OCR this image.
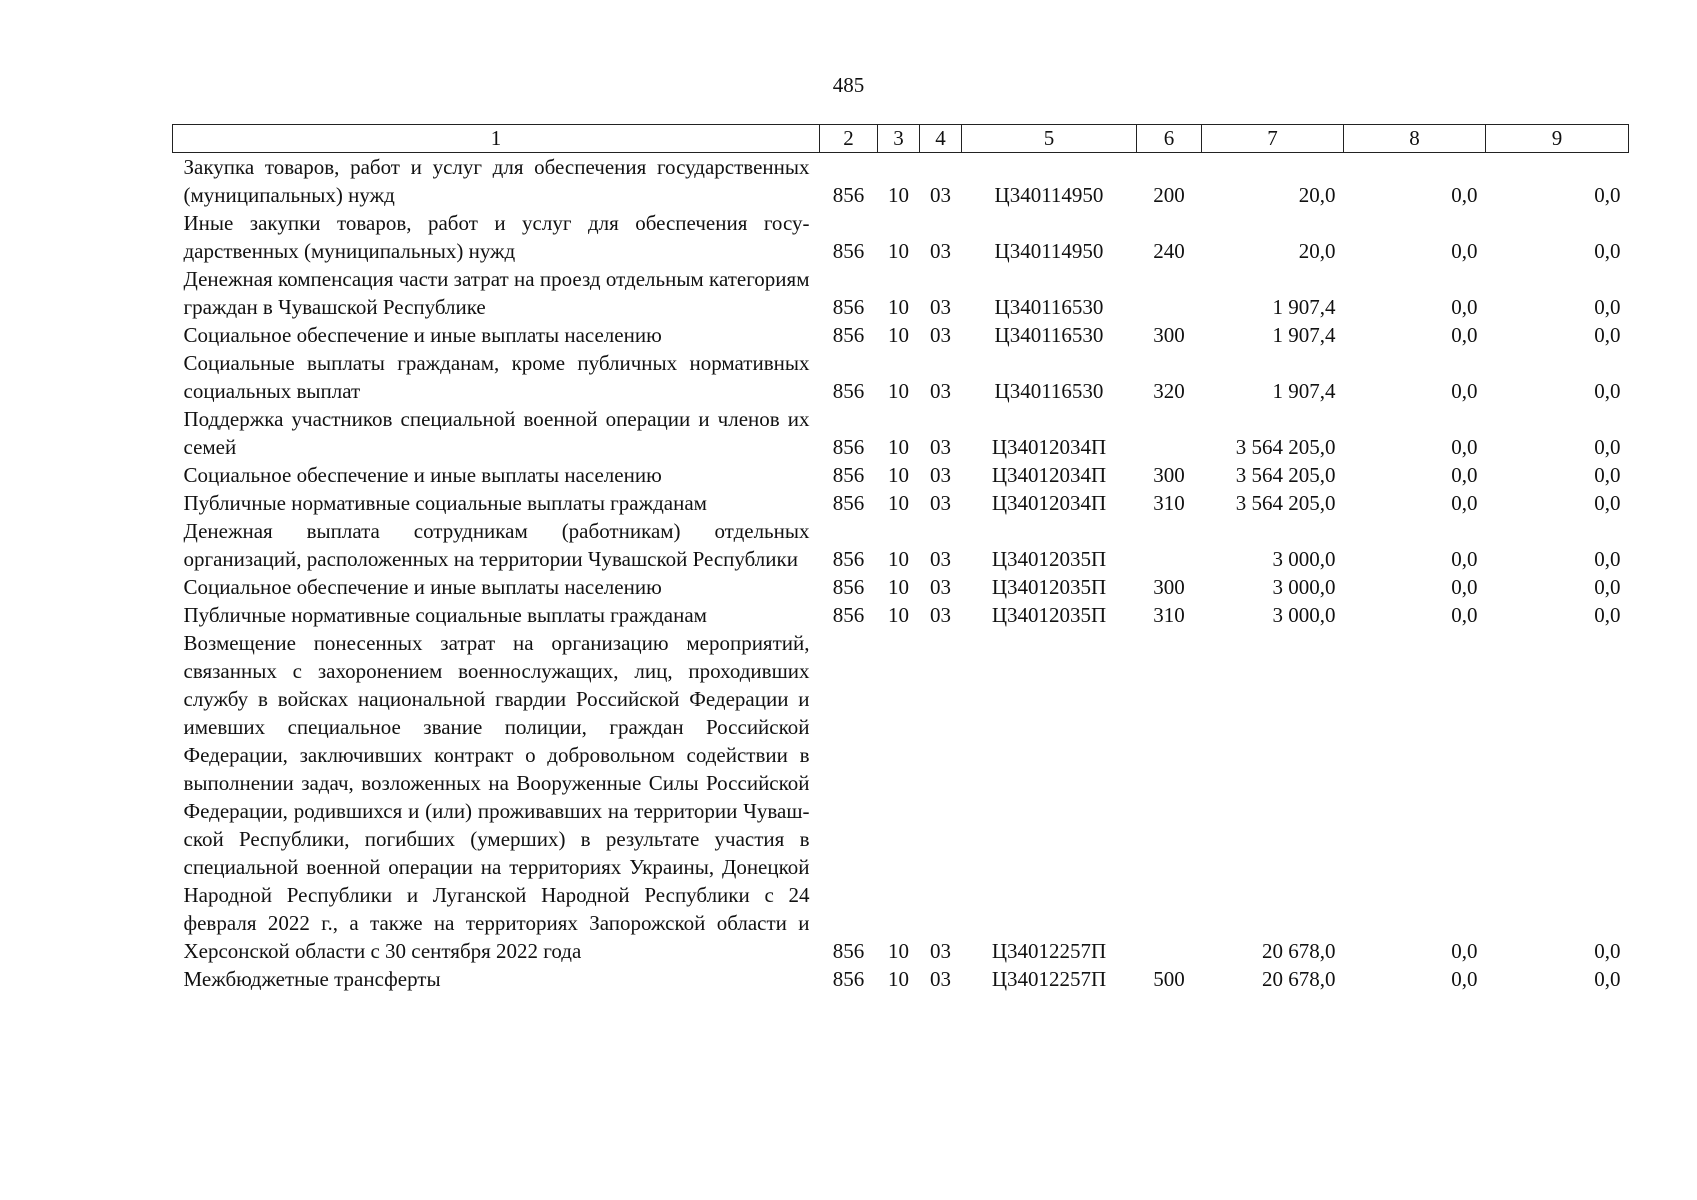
485
1	2	3	4	5	6	7	8	9
Закупка товаров, работ и услуг для обеспечения государственных (муниципальных) нужд	856	10	03	Ц340114950	200	20,0	0,0	0,0
Иные закупки товаров, работ и услуг для обеспечения государственных (муниципальных) нужд	856	10	03	Ц340114950	240	20,0	0,0	0,0
Денежная компенсация части затрат на проезд отдельным категориям граждан в Чувашской Республике	856	10	03	Ц340116530		1 907,4	0,0	0,0
Социальное обеспечение и иные выплаты населению	856	10	03	Ц340116530	300	1 907,4	0,0	0,0
Социальные выплаты гражданам, кроме публичных нормативных социальных выплат	856	10	03	Ц340116530	320	1 907,4	0,0	0,0
Поддержка участников специальной военной операции и членов их семей	856	10	03	Ц34012034П		3 564 205,0	0,0	0,0
Социальное обеспечение и иные выплаты населению	856	10	03	Ц34012034П	300	3 564 205,0	0,0	0,0
Публичные нормативные социальные выплаты гражданам	856	10	03	Ц34012034П	310	3 564 205,0	0,0	0,0
Денежная выплата сотрудникам (работникам) отдельных организаций, расположенных на территории Чувашской Республики	856	10	03	Ц34012035П		3 000,0	0,0	0,0
Социальное обеспечение и иные выплаты населению	856	10	03	Ц34012035П	300	3 000,0	0,0	0,0
Публичные нормативные социальные выплаты гражданам	856	10	03	Ц34012035П	310	3 000,0	0,0	0,0
Возмещение понесенных затрат на организацию мероприятий, связанных с захоронением военнослужащих, лиц, проходивших службу в войсках национальной гвардии Российской Федерации и имевших специальное звание полиции, граждан Российской Федерации, заключивших контракт о добровольном содействии в выполнении задач, возложенных на Вооруженные Силы Российской Федерации, родившихся и (или) проживавших на территории Чувашской Республики, погибших (умерших) в результате участия в специальной военной операции на территориях Украины, Донецкой Народной Республики и Луганской Народной Республики с 24 февраля 2022 г., а также на территориях Запорожской области и Херсонской области с 30 сентября 2022 года	856	10	03	Ц34012257П		20 678,0	0,0	0,0
Межбюджетные трансферты	856	10	03	Ц34012257П	500	20 678,0	0,0	0,0
